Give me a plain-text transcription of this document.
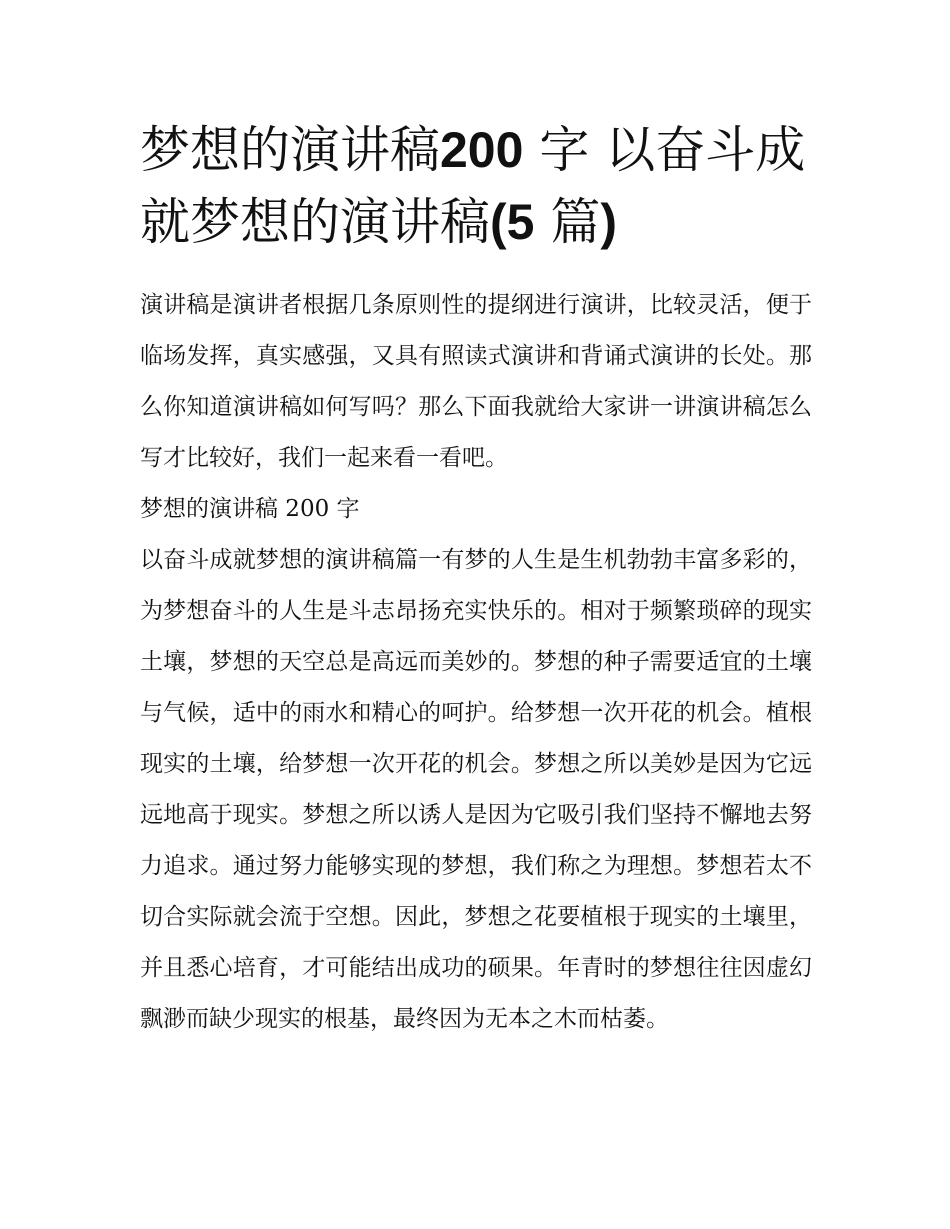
梦想的演讲稿200 字 以奋斗成就梦想的演讲稿(5 篇)

演讲稿是演讲者根据几条原则性的提纲进行演讲，比较灵活，便于临场发挥，真实感强，又具有照读式演讲和背诵式演讲的长处。那么你知道演讲稿如何写吗？那么下面我就给大家讲一讲演讲稿怎么写才比较好，我们一起来看一看吧。

梦想的演讲稿 200 字

以奋斗成就梦想的演讲稿篇一有梦的人生是生机勃勃丰富多彩的，为梦想奋斗的人生是斗志昂扬充实快乐的。相对于频繁琐碎的现实土壤，梦想的天空总是高远而美妙的。梦想的种子需要适宜的土壤与气候，适中的雨水和精心的呵护。给梦想一次开花的机会。植根现实的土壤，给梦想一次开花的机会。梦想之所以美妙是因为它远远地高于现实。梦想之所以诱人是因为它吸引我们坚持不懈地去努力追求。通过努力能够实现的梦想，我们称之为理想。梦想若太不切合实际就会流于空想。因此，梦想之花要植根于现实的土壤里，并且悉心培育，才可能结出成功的硕果。年青时的梦想往往因虚幻飘渺而缺少现实的根基，最终因为无本之木而枯萎。
